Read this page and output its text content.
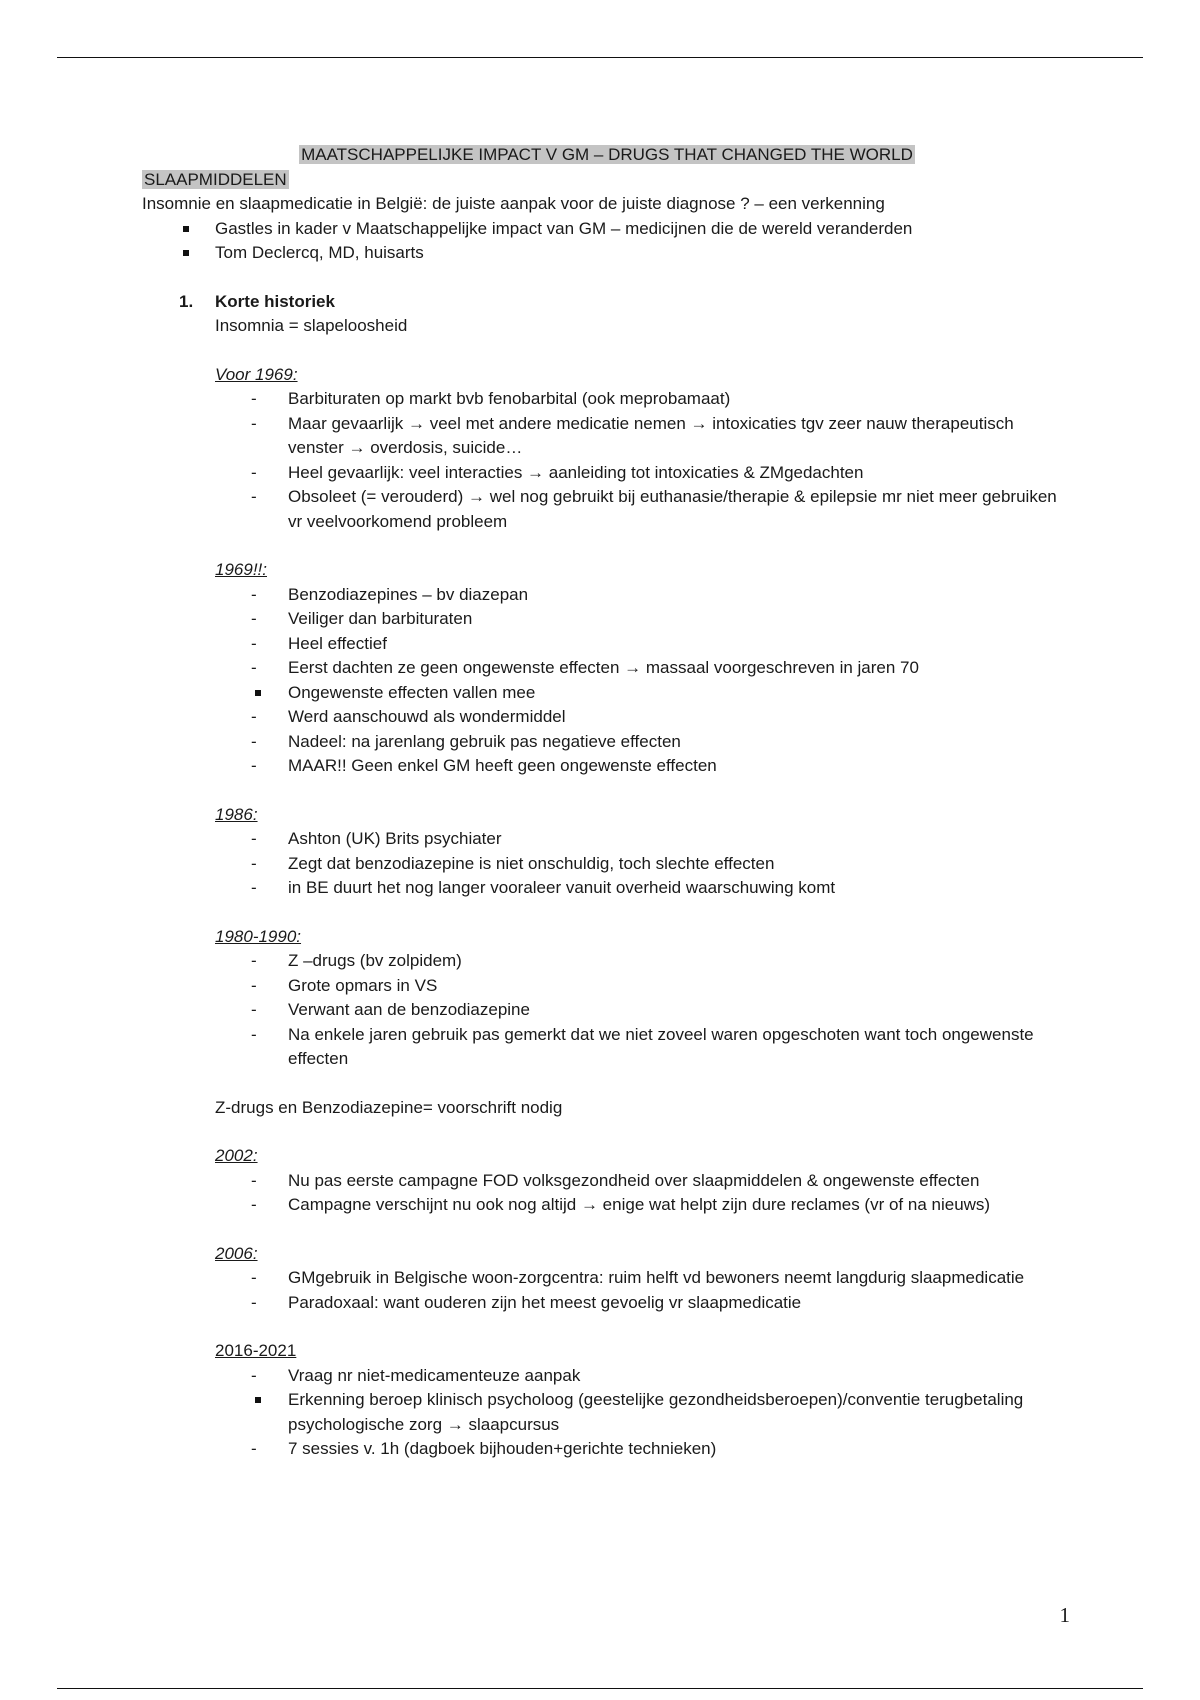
MAATSCHAPPELIJKE IMPACT V GM – DRUGS THAT CHANGED THE WORLD

SLAAPMIDDELEN

Insomnie en slaapmedicatie in België: de juiste aanpak voor de juiste diagnose ? – een verkenning

Gastles in kader v Maatschappelijke impact van GM – medicijnen die de wereld veranderden
Tom Declercq, MD, huisarts
1. Korte historiek

Insomnia = slapeloosheid

Voor 1969:

- Barbituraten op markt bvb fenobarbital (ook meprobamaat)
- Maar gevaarlijk → veel met andere medicatie nemen → intoxicaties tgv zeer nauw therapeutisch venster → overdosis, suicide…
- Heel gevaarlijk: veel interacties → aanleiding tot intoxicaties & ZMgedachten
- Obsoleet (= verouderd) → wel nog gebruikt bij euthanasie/therapie & epilepsie mr niet meer gebruiken vr veelvoorkomend probleem

1969!!:

- Benzodiazepines – bv diazepan
- Veiliger dan barbituraten
- Heel effectief
- Eerst dachten ze geen ongewenste effecten → massaal voorgeschreven in jaren 70
Ongewenste effecten vallen mee
- Werd aanschouwd als wondermiddel
- Nadeel: na jarenlang gebruik pas negatieve effecten
- MAAR!! Geen enkel GM heeft geen ongewenste effecten

1986:

- Ashton (UK) Brits psychiater
- Zegt dat benzodiazepine is niet onschuldig, toch slechte effecten
- in BE duurt het nog langer vooraleer vanuit overheid waarschuwing komt

1980-1990:

- Z –drugs (bv zolpidem)
- Grote opmars in VS
- Verwant aan de benzodiazepine
- Na enkele jaren gebruik pas gemerkt dat we niet zoveel waren opgeschoten want toch ongewenste effecten

Z-drugs en Benzodiazepine= voorschrift nodig

2002:

- Nu pas eerste campagne FOD volksgezondheid over slaapmiddelen & ongewenste effecten
- Campagne verschijnt nu ook nog altijd → enige wat helpt zijn dure reclames (vr of na nieuws)

2006:

- GMgebruik in Belgische woon-zorgcentra: ruim helft vd bewoners neemt langdurig slaapmedicatie
- Paradoxaal: want ouderen zijn het meest gevoelig vr slaapmedicatie

2016-2021

- Vraag nr niet-medicamenteuze aanpak
Erkenning beroep klinisch psycholoog (geestelijke gezondheidsberoepen)/conventie terugbetaling psychologische zorg → slaapcursus
- 7 sessies v. 1h (dagboek bijhouden+gerichte technieken)
1
